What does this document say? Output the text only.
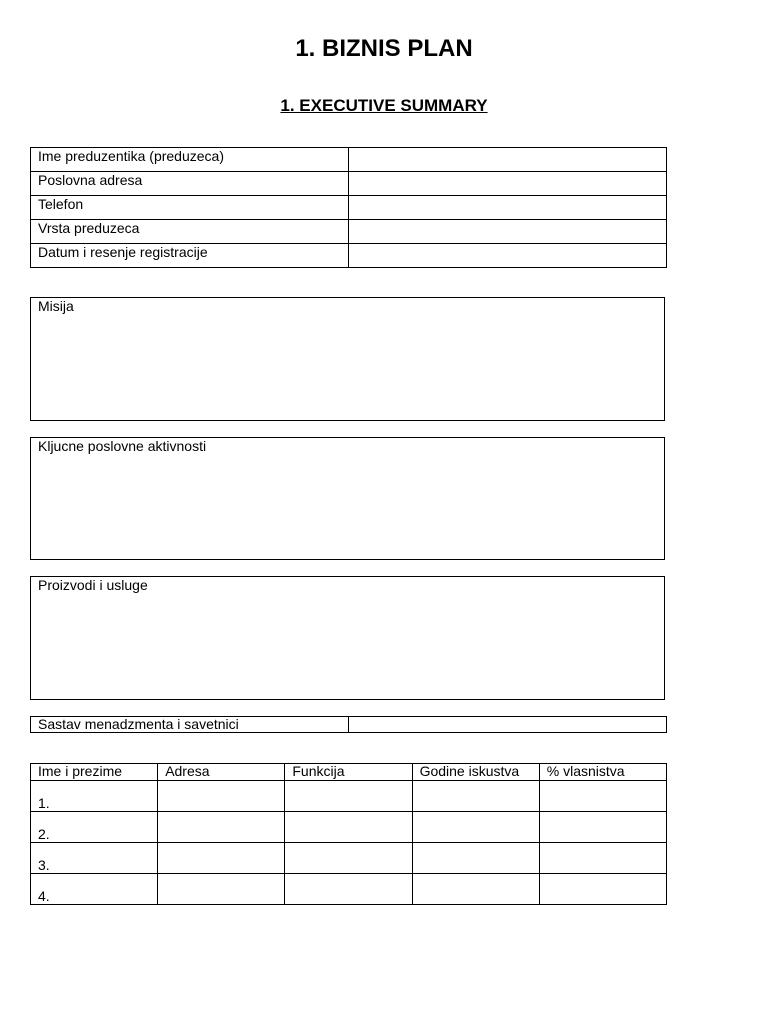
1. BIZNIS PLAN
1. EXECUTIVE SUMMARY
Ime preduzentika (preduzeca)	
Poslovna adresa	
Telefon	
Vrsta preduzeca	
Datum i resenje registracije	
Misija
Kljucne poslovne aktivnosti
Proizvodi i usluge
Sastav menadzmenta i savetnici	
Ime i prezime	Adresa	Funkcija	Godine iskustva	% vlasnistva
1.				
2.				
3.				
4.				
